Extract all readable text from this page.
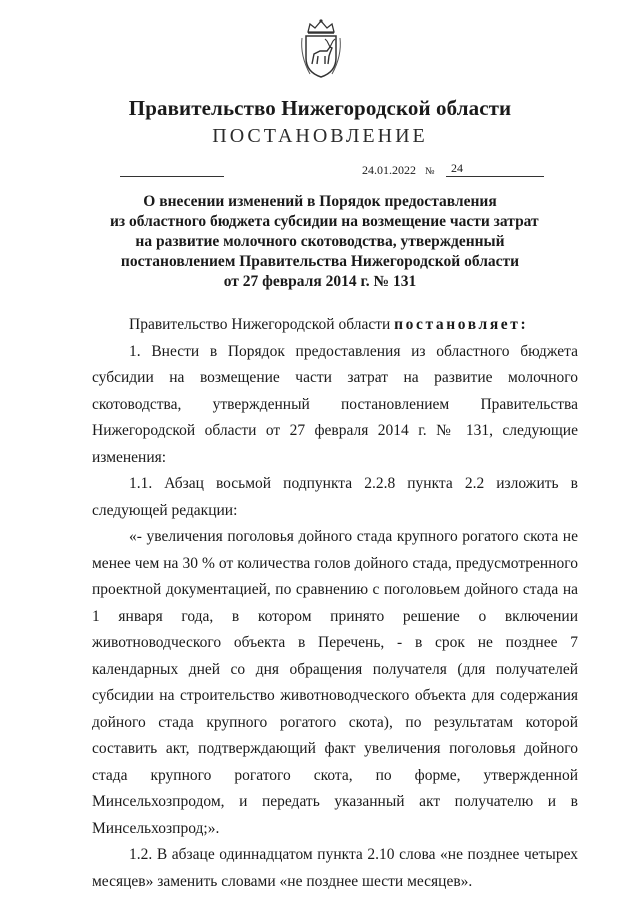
Правительство Нижегородской области
ПОСТАНОВЛЕНИЕ
24.01.2022 № 24
О внесении изменений в Порядок предоставления
из областного бюджета субсидии на возмещение части затрат
на развитие молочного скотоводства, утвержденный
постановлением Правительства Нижегородской области
от 27 февраля 2014 г. № 131

Правительство Нижегородской области постановляет:

1. Внести в Порядок предоставления из областного бюджета субсидии на возмещение части затрат на развитие молочного скотоводства, утвержденный постановлением Правительства Нижегородской области от 27 февраля 2014 г. № 131, следующие изменения:

1.1. Абзац восьмой подпункта 2.2.8 пункта 2.2 изложить в следующей редакции:

«- увеличения поголовья дойного стада крупного рогатого скота не менее чем на 30 % от количества голов дойного стада, предусмотренного проектной документацией, по сравнению с поголовьем дойного стада на 1 января года, в котором принято решение о включении животноводческого объекта в Перечень, - в срок не позднее 7 календарных дней со дня обращения получателя (для получателей субсидии на строительство животноводческого объекта для содержания дойного стада крупного рогатого скота), по результатам которой составить акт, подтверждающий факт увеличения поголовья дойного стада крупного рогатого скота, по форме, утвержденной Минсельхозпродом, и передать указанный акт получателю и в Минсельхозпрод;».

1.2. В абзаце одиннадцатом пункта 2.10 слова «не позднее четырех месяцев» заменить словами «не позднее шести месяцев».
